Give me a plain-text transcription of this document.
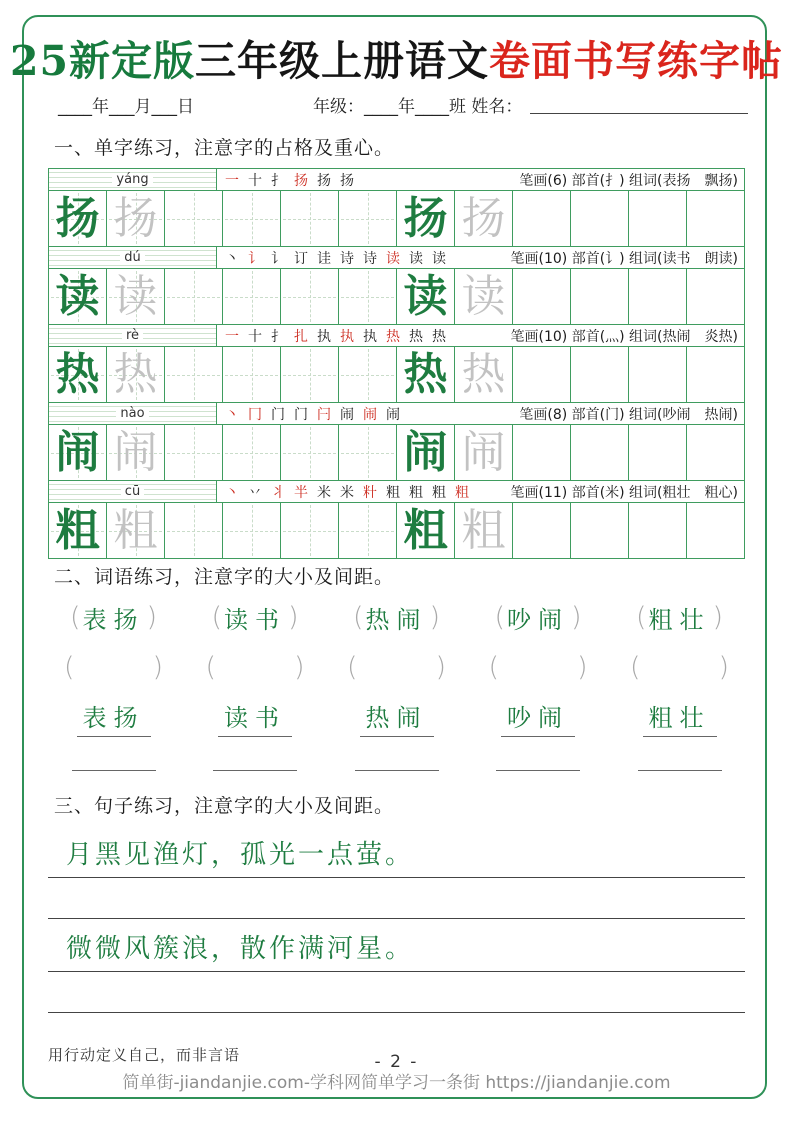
25新定版三年级上册语文卷面书写练字帖
____年___月___日	年级：____年____班 姓名：
一、单字练习，注意字的占格及重心。
yáng	一 十 扌 扬 扬 扬	笔画(6) 部首(扌) 组词(表扬　飘扬)
扬 扬	扬 扬
dú	丶 讠 讠 订 诖 诗 诗 读 读 读	笔画(10) 部首(讠) 组词(读书　朗读)
读 读	读 读
rè	一 十 扌 扎 执 执 执 热 热 热	笔画(10) 部首(灬) 组词(热闹　炎热)
热 热	热 热
nào	丶 冂 门 门 闩 闹 闹 闹	笔画(8) 部首(门) 组词(吵闹　热闹)
闹 闹	闹 闹
cū	丶 丷 丬 半 米 米 籵 粗 粗 粗 粗	笔画(11) 部首(米) 组词(粗壮　粗心)
粗 粗	粗 粗
二、词语练习，注意字的大小及间距。
( 表扬 ) ( 读书 ) ( 热闹 ) ( 吵闹 ) ( 粗壮 )
(	) (	) (	) (	) (	)
表扬	读书	热闹	吵闹	粗壮
三、句子练习，注意字的大小及间距。
月黑见渔灯，孤光一点萤。
微微风簇浪，散作满河星。
用行动定义自己，而非言语	- 2 -
简单街-jiandanjie.com-学科网简单学习一条街 https://jiandanjie.com
